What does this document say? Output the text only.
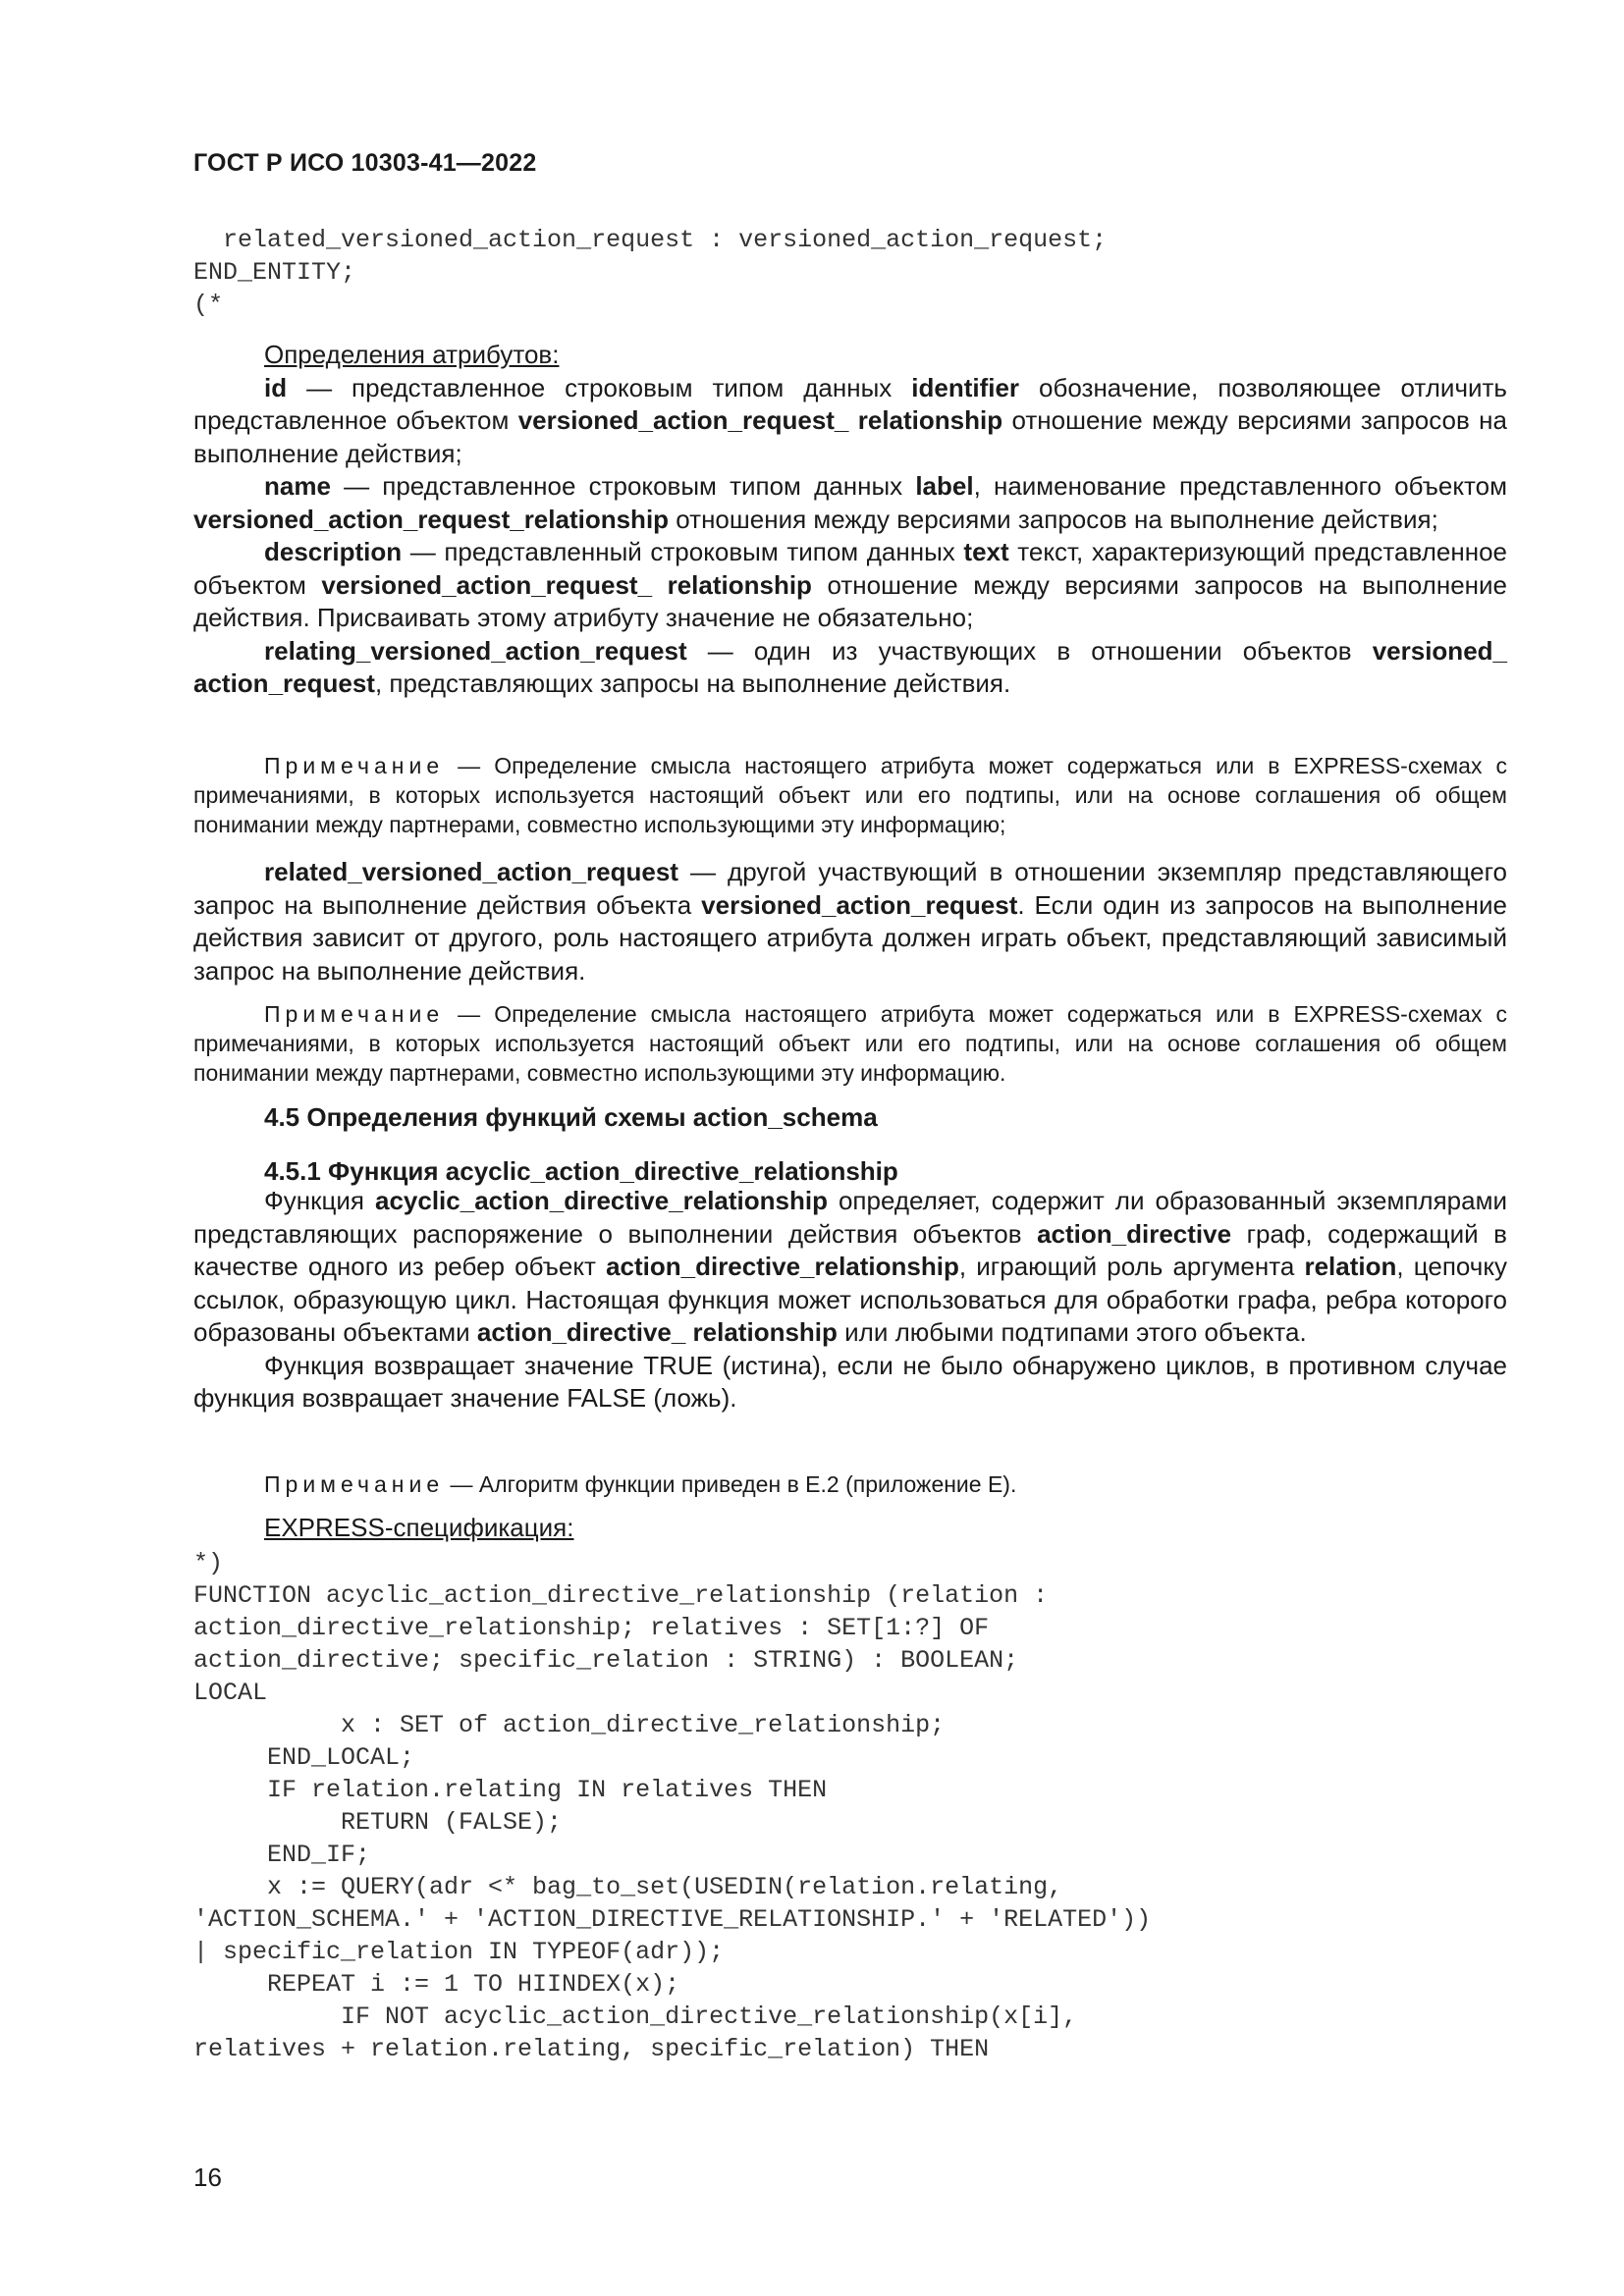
ГОСТ Р ИСО 10303-41—2022
related_versioned_action_request : versioned_action_request;
END_ENTITY;
(*
Определения атрибутов:

id — представленное строковым типом данных identifier обозначение, позволяющее отличить представленное объектом versioned_action_request_ relationship отношение между версиями запросов на выполнение действия;

name — представленное строковым типом данных label, наименование представленного объектом versioned_action_request_relationship отношения между версиями запросов на выполнение действия;

description — представленный строковым типом данных text текст, характеризующий представленное объектом versioned_action_request_ relationship отношение между версиями запросов на выполнение действия. Присваивать этому атрибуту значение не обязательно;

relating_versioned_action_request — один из участвующих в отношении объектов versioned_ action_request, представляющих запросы на выполнение действия.

Примечание — Определение смысла настоящего атрибута может содержаться или в EXPRESS-схемах с примечаниями, в которых используется настоящий объект или его подтипы, или на основе соглашения об общем понимании между партнерами, совместно использующими эту информацию;

related_versioned_action_request — другой участвующий в отношении экземпляр представляющего запрос на выполнение действия объекта versioned_action_request. Если один из запросов на выполнение действия зависит от другого, роль настоящего атрибута должен играть объект, представляющий зависимый запрос на выполнение действия.

Примечание — Определение смысла настоящего атрибута может содержаться или в EXPRESS-схемах с примечаниями, в которых используется настоящий объект или его подтипы, или на основе соглашения об общем понимании между партнерами, совместно использующими эту информацию.
4.5 Определения функций схемы action_schema
4.5.1 Функция acyclic_action_directive_relationship

Функция acyclic_action_directive_relationship определяет, содержит ли образованный экземплярами представляющих распоряжение о выполнении действия объектов action_directive граф, содержащий в качестве одного из ребер объект action_directive_relationship, играющий роль аргумента relation, цепочку ссылок, образующую цикл. Настоящая функция может использоваться для обработки графа, ребра которого образованы объектами action_directive_ relationship или любыми подтипами этого объекта.

Функция возвращает значение TRUE (истина), если не было обнаружено циклов, в противном случае функция возвращает значение FALSE (ложь).

Примечание — Алгоритм функции приведен в Е.2 (приложение Е).
EXPRESS-спецификация:
*)
FUNCTION acyclic_action_directive_relationship (relation :
action_directive_relationship; relatives : SET[1:?] OF
action_directive; specific_relation : STRING) : BOOLEAN;
LOCAL
x : SET of action_directive_relationship;
END_LOCAL;
IF relation.relating IN relatives THEN
RETURN (FALSE);
END_IF;
x := QUERY(adr <* bag_to_set(USEDIN(relation.relating,
'ACTION_SCHEMA.' + 'ACTION_DIRECTIVE_RELATIONSHIP.' + 'RELATED'))
| specific_relation IN TYPEOF(adr));
REPEAT i := 1 TO HIINDEX(x);
IF NOT acyclic_action_directive_relationship(x[i],
relatives + relation.relating, specific_relation) THEN
16
